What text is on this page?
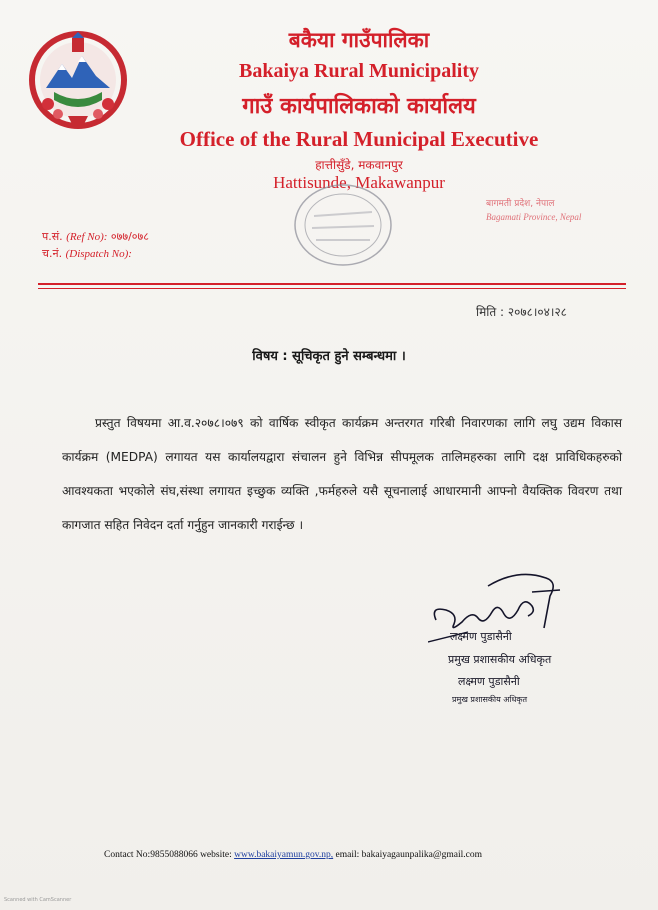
बकैया गाउँपालिका
Bakaiya Rural Municipality
गाउँ कार्यपालिकाको कार्यालय
Office of the Rural Municipal Executive
हात्तीसुँडे, मकवानपुर
Hattisunde, Makawanpur
बागमती प्रदेश, नेपाल
Bagamati Province, Nepal
प.सं. (Ref No): ०७७/०७८
च.नं. (Dispatch No):
मिति : २०७८।०४।२८
विषय : सूचिकृत हुने सम्बन्धमा ।
प्रस्तुत विषयमा आ.व.२०७८।०७९ को वार्षिक स्वीकृत कार्यक्रम अन्तरगत गरिबी निवारणका लागि लघु उद्यम विकास कार्यक्रम (MEDPA) लगायत यस कार्यालयद्वारा संचालन हुने विभिन्न सीपमूलक तालिमहरुका लागि दक्ष प्राविधिकहरुको आवश्यकता भएकोले संघ,संस्था लगायत इच्छुक व्यक्ति ,फर्महरुले यसै सूचनालाई आधारमानी आफ्नो वैयक्तिक विवरण तथा कागजात सहित निवेदन दर्ता गर्नुहुन जानकारी गराईन्छ ।
लक्ष्मण पुडासैनी
प्रमुख प्रशासकीय अधिकृत
लक्ष्मण पुडासैनी
प्रमुख प्रशासकीय अधिकृत
Contact No:9855088066 website: www.bakaiyamun.gov.np, email: bakaiyagaunpalika@gmail.com
Scanned with CamScanner
